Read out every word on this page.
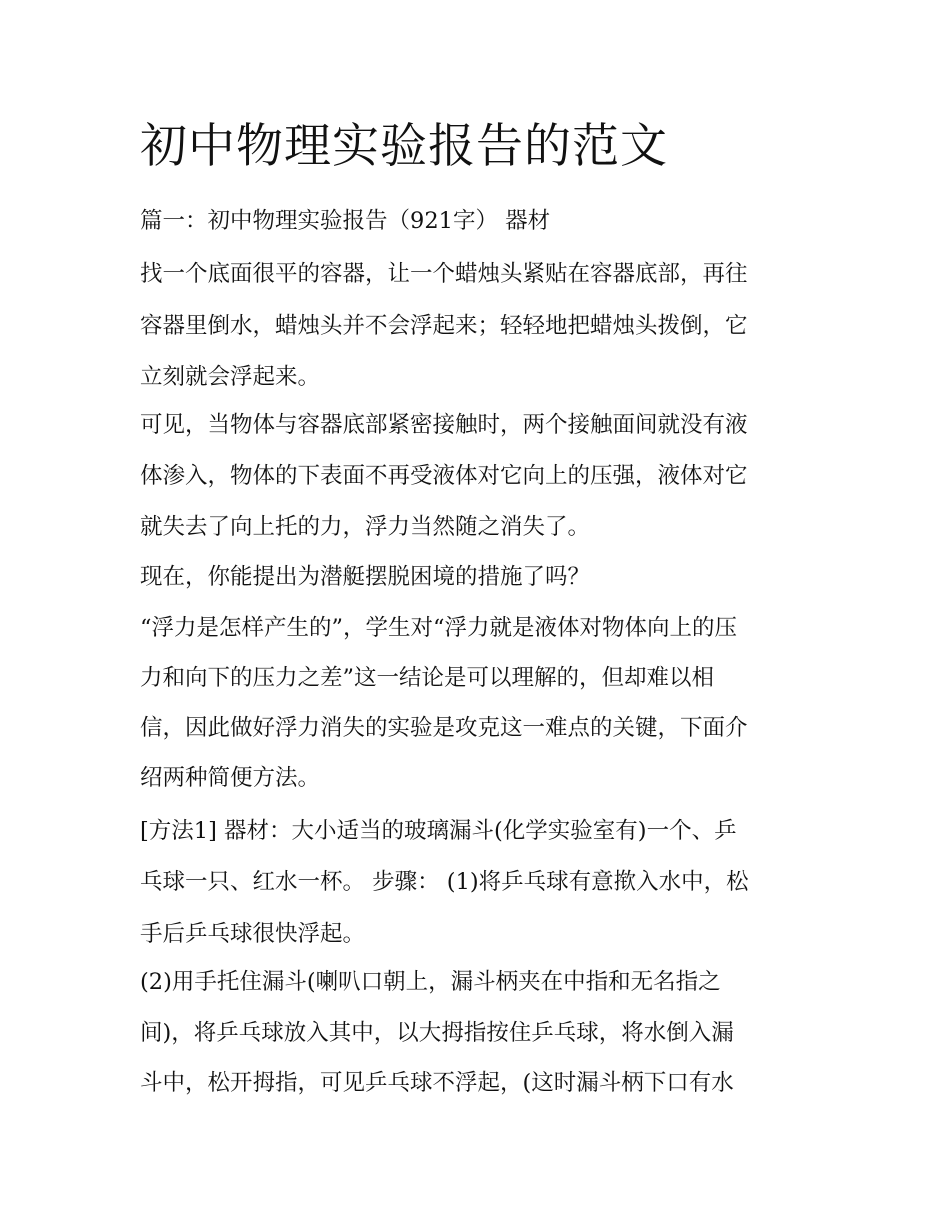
初中物理实验报告的范文
篇一：初中物理实验报告（921字） 器材
找一个底面很平的容器，让一个蜡烛头紧贴在容器底部，再往
容器里倒水，蜡烛头并不会浮起来；轻轻地把蜡烛头拨倒，它
立刻就会浮起来。
可见，当物体与容器底部紧密接触时，两个接触面间就没有液
体渗入，物体的下表面不再受液体对它向上的压强，液体对它
就失去了向上托的力，浮力当然随之消失了。
现在，你能提出为潜艇摆脱困境的措施了吗？
“浮力是怎样产生的”，学生对“浮力就是液体对物体向上的压
力和向下的压力之差”这一结论是可以理解的，但却难以相
信，因此做好浮力消失的实验是攻克这一难点的关键，下面介
绍两种简便方法。
[方法1] 器材：大小适当的玻璃漏斗(化学实验室有)一个、乒
乓球一只、红水一杯。 步骤： (1)将乒乓球有意揿入水中，松
手后乒乓球很快浮起。
(2)用手托住漏斗(喇叭口朝上，漏斗柄夹在中指和无名指之
间)，将乒乓球放入其中，以大拇指按住乒乓球，将水倒入漏
斗中，松开拇指，可见乒乓球不浮起，(这时漏斗柄下口有水
